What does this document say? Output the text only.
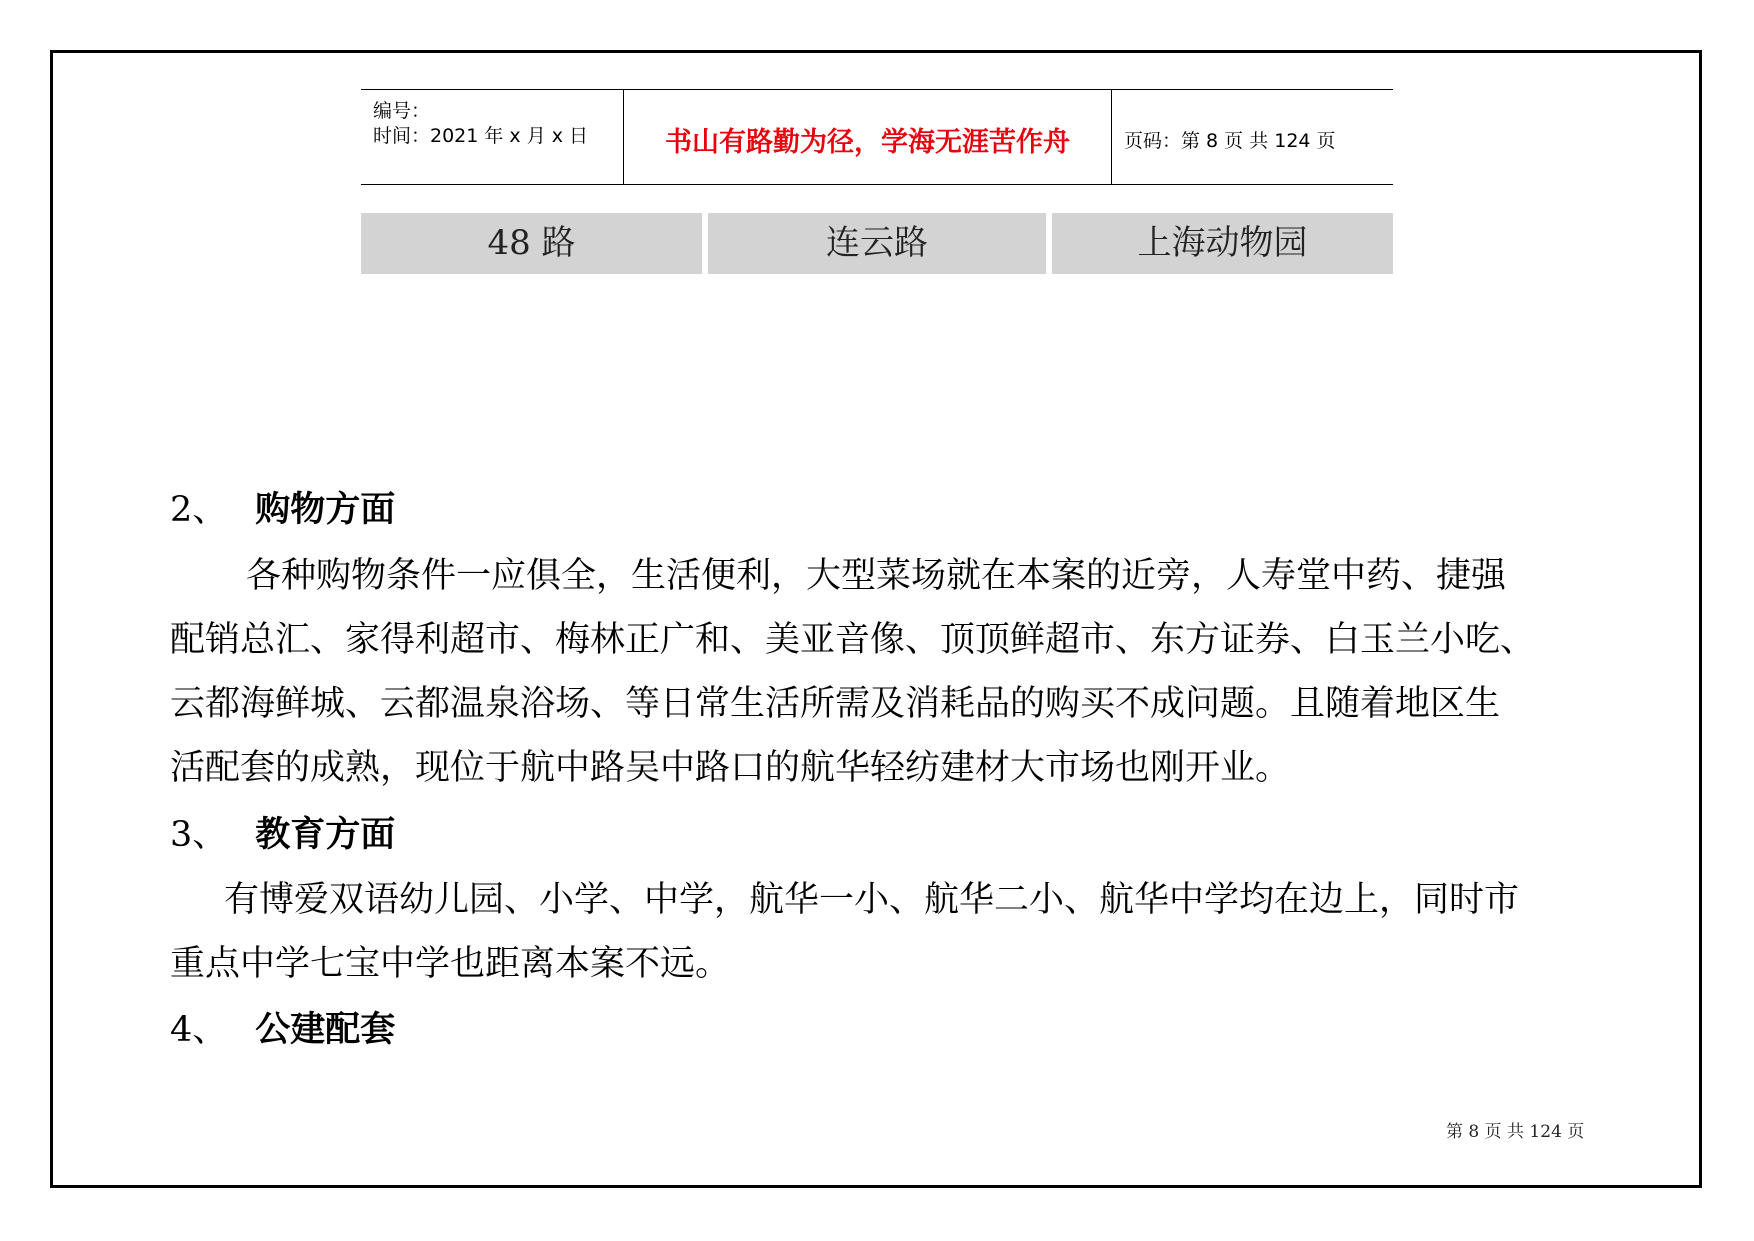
编号：
时间：2021 年 x 月 x 日	书山有路勤为径，学海无涯苦作舟	页码：第 8 页 共 124 页
48 路	连云路	上海动物园
2、 购物方面
各种购物条件一应俱全，生活便利，大型菜场就在本案的近旁，人寿堂中药、捷强
配销总汇、家得利超市、梅林正广和、美亚音像、顶顶鲜超市、东方证券、白玉兰小吃、
云都海鲜城、云都温泉浴场、等日常生活所需及消耗品的购买不成问题。且随着地区生
活配套的成熟，现位于航中路吴中路口的航华轻纺建材大市场也刚开业。
3、 教育方面
有博爱双语幼儿园、小学、中学，航华一小、航华二小、航华中学均在边上，同时市
重点中学七宝中学也距离本案不远。
4、 公建配套
第 8 页 共 124 页
